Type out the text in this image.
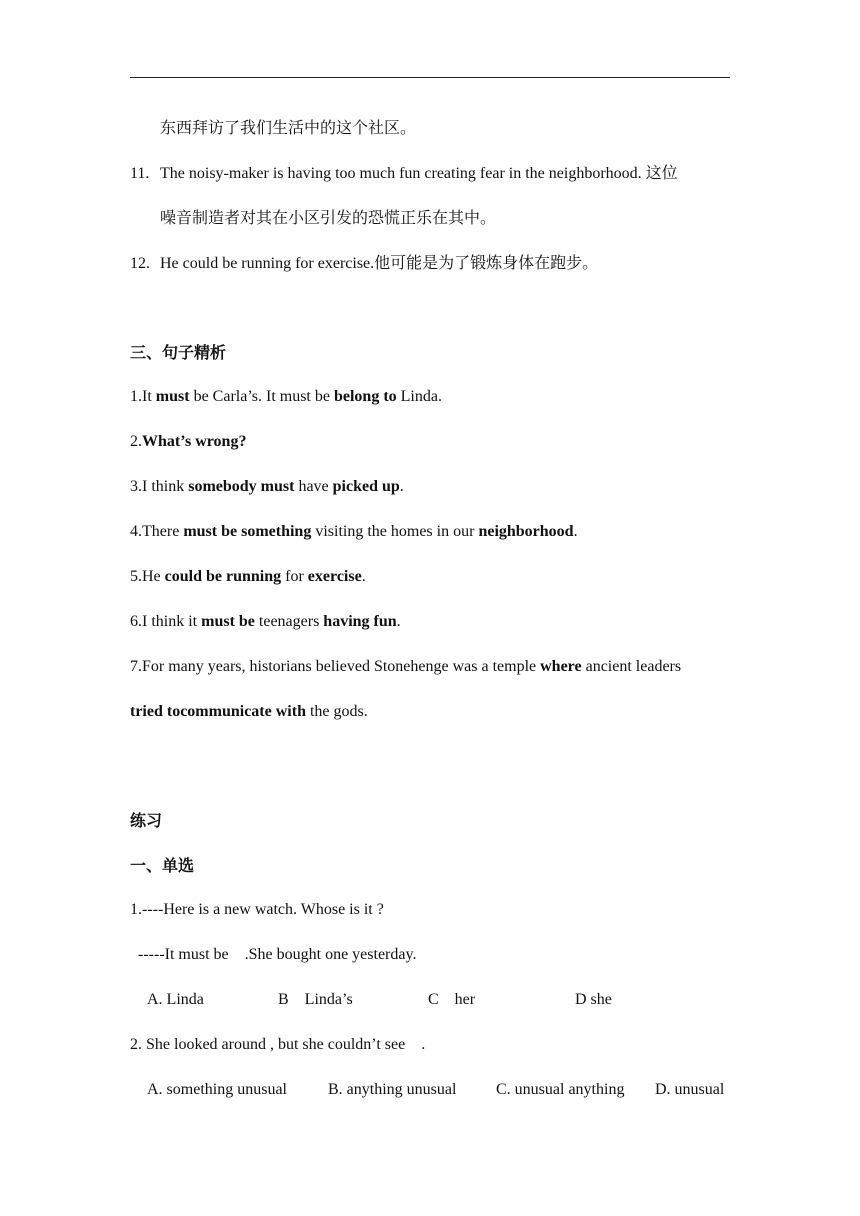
东西拜访了我们生活中的这个社区。
11. The noisy-maker is having too much fun creating fear in the neighborhood. 这位
噪音制造者对其在小区引发的恐慌正乐在其中。
12. He could be running for exercise.他可能是为了锻炼身体在跑步。
三、句子精析
1.It must be Carla’s. It must be belong to Linda.
2.What’s wrong?
3.I think somebody must have picked up.
4.There must be something visiting the homes in our neighborhood.
5.He could be running for exercise.
6.I think it must be teenagers having fun.
7.For many years, historians believed Stonehenge was a temple where ancient leaders
tried tocommunicate with the gods.
练习
一、单选
1.----Here is a new watch. Whose is it ?
-----It must be    .She bought one yesterday.
A. Linda	B    Linda’s	C    her	D she
2. She looked around , but she couldn’t see    .
A. something unusual	B. anything unusual C. unusual anything D. unusual
